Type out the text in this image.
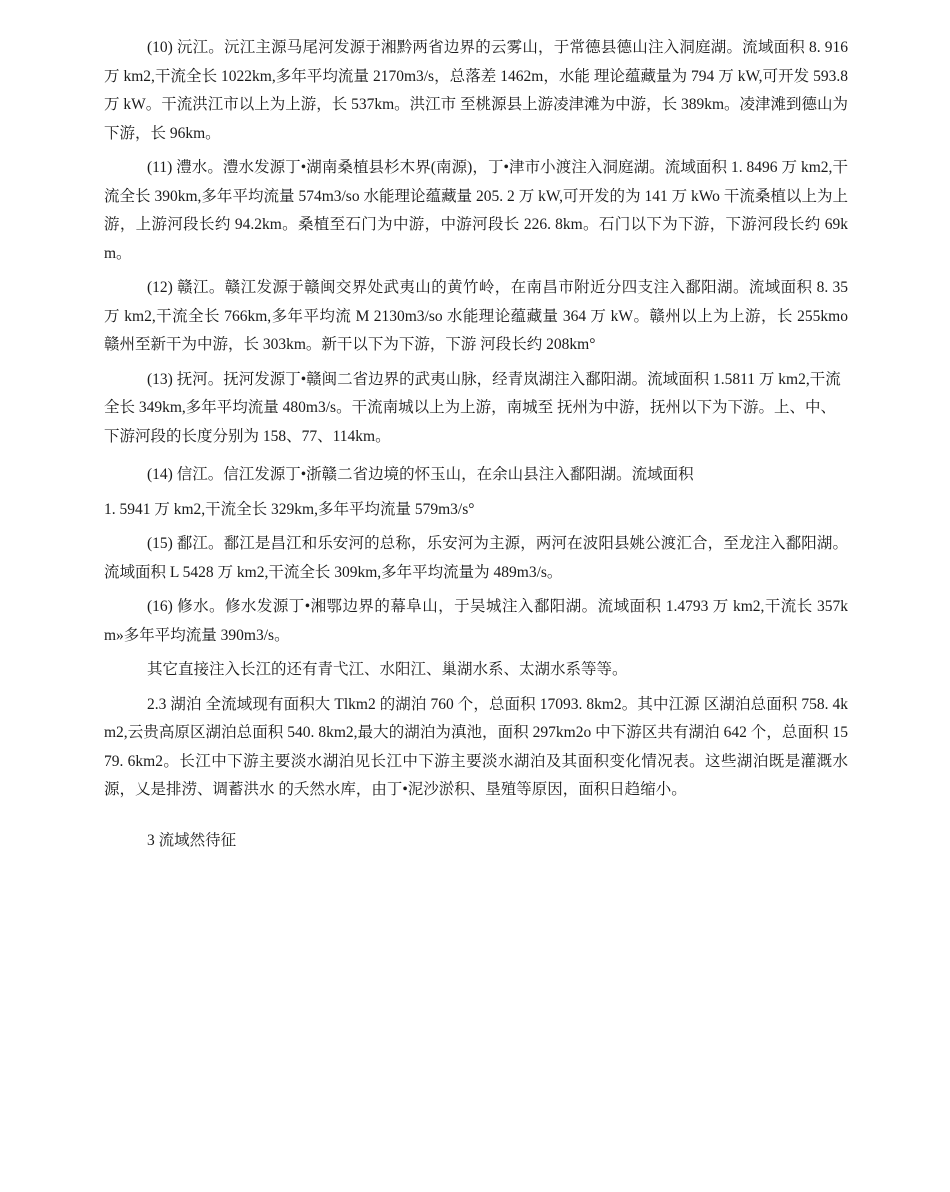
(10) 沅江。沅江主源马尾河发源于湘黔两省边界的云雾山，于常德县德山注入洞庭湖。流域面积 8. 916 万 km2,干流全长 1022km,多年平均流量 2170m3/s，总落差 1462m，水能 理论蕴藏量为 794 万 kW,可开发 593.8 万 kW。干流洪江市以上为上游，长 537km。洪江市 至桃源县上游凌津滩为中游，长 389km。凌津滩到德山为下游，长 96km。

(11) 澧水。澧水发源丁•湖南桑植县杉木界(南源)，丁•津市小渡注入洞庭湖。流域面积 1. 8496 万 km2,干流全长 390km,多年平均流量 574m3/so 水能理论蕴藏量 205. 2 万 kW,可开发的为 141 万 kWo 干流桑植以上为上游，上游河段长约 94.2km。桑植至石门为中游，中游河段长 226. 8km。石门以下为下游，下游河段长约 69km。

(12) 赣江。赣江发源于赣闽交界处武夷山的黄竹岭，在南昌市附近分四支注入鄱阳湖。流域面积 8. 35 万 km2,干流全长 766km,多年平均流 M 2130m3/so 水能理论蕴藏量 364 万 kW。赣州以上为上游，长 255kmo 赣州至新干为中游，长 303km。新干以下为下游，下游 河段长约 208km°

(13) 抚河。抚河发源丁•赣闽二省边界的武夷山脉，经青岚湖注入鄱阳湖。流域面积 1.5811 万 km2,干流全长 349km,多年平均流量 480m3/s。干流南城以上为上游，南城至 抚州为中游，抚州以下为下游。上、中、下游河段的长度分别为 158、77、114km。

(14) 信江。信江发源丁•浙赣二省边境的怀玉山，在余山县注入鄱阳湖。流域面积

1. 5941 万 km2,干流全长 329km,多年平均流量 579m3/s°

(15) 鄱江。鄱江是昌江和乐安河的总称，乐安河为主源，两河在波阳县姚公渡汇合，至龙注入鄱阳湖。流域面积 L 5428 万 km2,干流全长 309km,多年平均流量为 489m3/s。

(16) 修水。修水发源丁•湘鄂边界的幕阜山，于吴城注入鄱阳湖。流域面积 1.4793 万 km2,干流长 357km»多年平均流量 390m3/s。

其它直接注入长江的还有青弋江、水阳江、巢湖水系、太湖水系等等。

2.3 湖泊 全流域现有面积大 Tlkm2 的湖泊 760 个，总面积 17093. 8km2。其中江源 区湖泊总面积 758. 4km2,云贵高原区湖泊总面积 540. 8km2,最大的湖泊为滇池，面积 297km2o 中下游区共有湖泊 642 个，总面积 1579. 6km2。长江中下游主要淡水湖泊见长江中下游主要淡水湖泊及其面积变化情况表。这些湖泊既是灌溉水源，乂是排涝、调蓄洪水 的夭然水库，由丁•泥沙淤积、垦殖等原因，面积日趋缩小。

3 流域然待征
